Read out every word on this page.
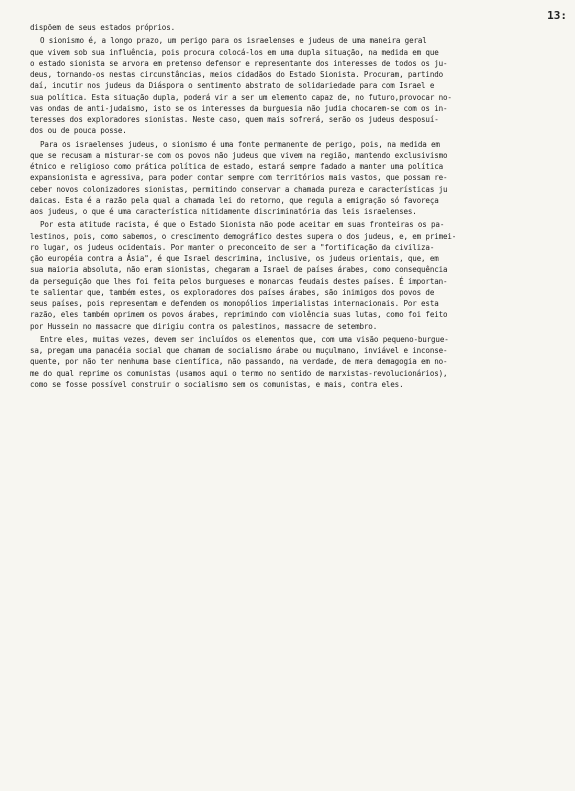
13:
dispõem de seus estados próprios.
O sionismo é, a longo prazo, um perigo para os israelenses e judeus de uma maneira geral
que vivem sob sua influência, pois procura colocá-los em uma dupla situação, na medida em que
o estado sionista se arvora em pretenso defensor e representante dos interesses de todos os ju-
deus, tornando-os nestas circunstâncias, meios cidadãos do Estado Sionista. Procuram, partindo
daí, incutir nos judeus da Diáspora o sentimento abstrato de solidariedade para com Israel e
sua política. Esta situação dupla, poderá vir a ser um elemento capaz de, no futuro,provocar no-
vas ondas de anti-judaismo, isto se os interesses da burguesia não judia chocarem-se com os in-
teresses dos exploradores sionistas. Neste caso, quem mais sofrerá, serão os judeus desposuí-
dos ou de pouca posse.
Para os israelenses judeus, o sionismo é uma fonte permanente de perigo, pois, na medida em
que se recusam a misturar-se com os povos não judeus que vivem na região, mantendo exclusivismo
étnico e religioso como prática política de estado, estará sempre fadado a manter uma política
expansionista e agressiva, para poder contar sempre com territórios mais vastos, que possam re-
ceber novos colonizadores sionistas, permitindo conservar a chamada pureza e características ju
daicas. Esta é a razão pela qual a chamada lei do retorno, que regula a emigração só favoreça
aos judeus, o que é uma característica nitidamente discriminatória das leis israelenses.
Por esta atitude racista, é que o Estado Sionista não pode aceitar em suas fronteiras os pa-
lestinos, pois, como sabemos, o crescimento demográfico destes supera o dos judeus, e, em primei-
ro lugar, os judeus ocidentais. Por manter o preconceito de ser a "fortificação da civiliza-
ção européia contra a Ásia", é que Israel descrimina, inclusive, os judeus orientais, que, em
sua maioria absoluta, não eram sionistas, chegaram a Israel de países árabes, como consequência
da perseguição que lhes foi feita pelos burgueses e monarcas feudais destes países. É importan-
te salientar que, também estes, os exploradores dos países árabes, são inimigos dos povos de
seus países, pois representam e defendem os monopólios imperialistas internacionais. Por esta
razão, eles também oprimem os povos árabes, reprimindo com violência suas lutas, como foi feito
por Hussein no massacre que dirigiu contra os palestinos, massacre de setembro.
Entre eles, muitas vezes, devem ser incluídos os elementos que, com uma visão pequeno-burgue-
sa, pregam uma panacéia social que chamam de socialismo árabe ou muçulmano, inviável e inconse-
quente, por não ter nenhuma base científica, não passando, na verdade, de mera demagogia em no-
me do qual reprime os comunistas (usamos aqui o termo no sentido de marxistas-revolucionários),
como se fosse possível construir o socialismo sem os comunistas, e mais, contra eles.
